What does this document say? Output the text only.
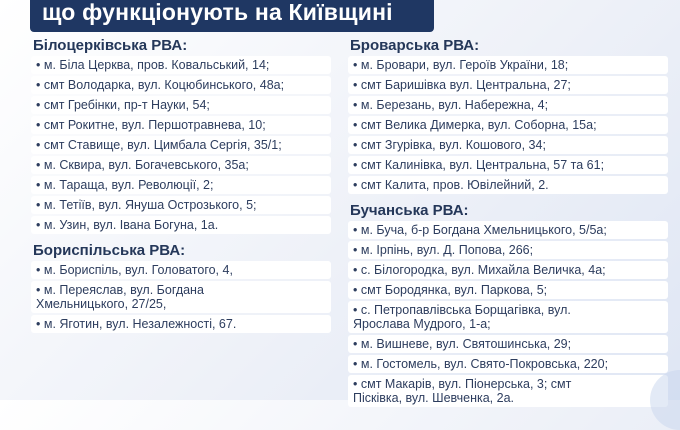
що функціонують на Київщині
Білоцерківська РВА:
• м. Біла Церква, пров. Ковальський, 14;
• смт Володарка, вул. Коцюбинського, 48а;
• смт Гребінки, пр-т Науки, 54;
• смт Рокитне, вул. Першотравнева, 10;
• смт Ставище, вул. Цимбала Сергія, 35/1;
• м. Сквира, вул. Богачевського, 35а;
• м. Тараща, вул. Революції, 2;
• м. Тетіїв, вул. Януша Острозького, 5;
• м. Узин, вул. Івана Богуна, 1а.
Бориспільська РВА:
• м. Бориспіль, вул. Головатого, 4,
• м. Переяслав, вул. Богдана
Хмельницького, 27/25,
• м. Яготин, вул. Незалежності, 67.
Броварська РВА:
• м. Бровари, вул. Героїв України, 18;
• смт Баришівка вул. Центральна, 27;
• м. Березань, вул. Набережна, 4;
• смт Велика Димерка, вул. Соборна, 15а;
• смт Згурівка, вул. Кошового, 34;
• смт Калинівка, вул. Центральна, 57 та 61;
• смт Калита, пров. Ювілейний, 2.
Бучанська РВА:
• м. Буча, б-р Богдана Хмельницького, 5/5а;
• м. Ірпінь, вул. Д. Попова, 266;
• с. Білогородка, вул. Михайла Величка, 4а;
• смт Бородянка, вул. Паркова, 5;
• с. Петропавлівська Борщагівка, вул.
Ярослава Мудрого, 1-а;
• м. Вишневе, вул. Святошинська, 29;
• м. Гостомель, вул. Свято-Покровська, 220;
• смт Макарів, вул. Піонерська, 3; смт
Пісківка, вул. Шевченка, 2а.
